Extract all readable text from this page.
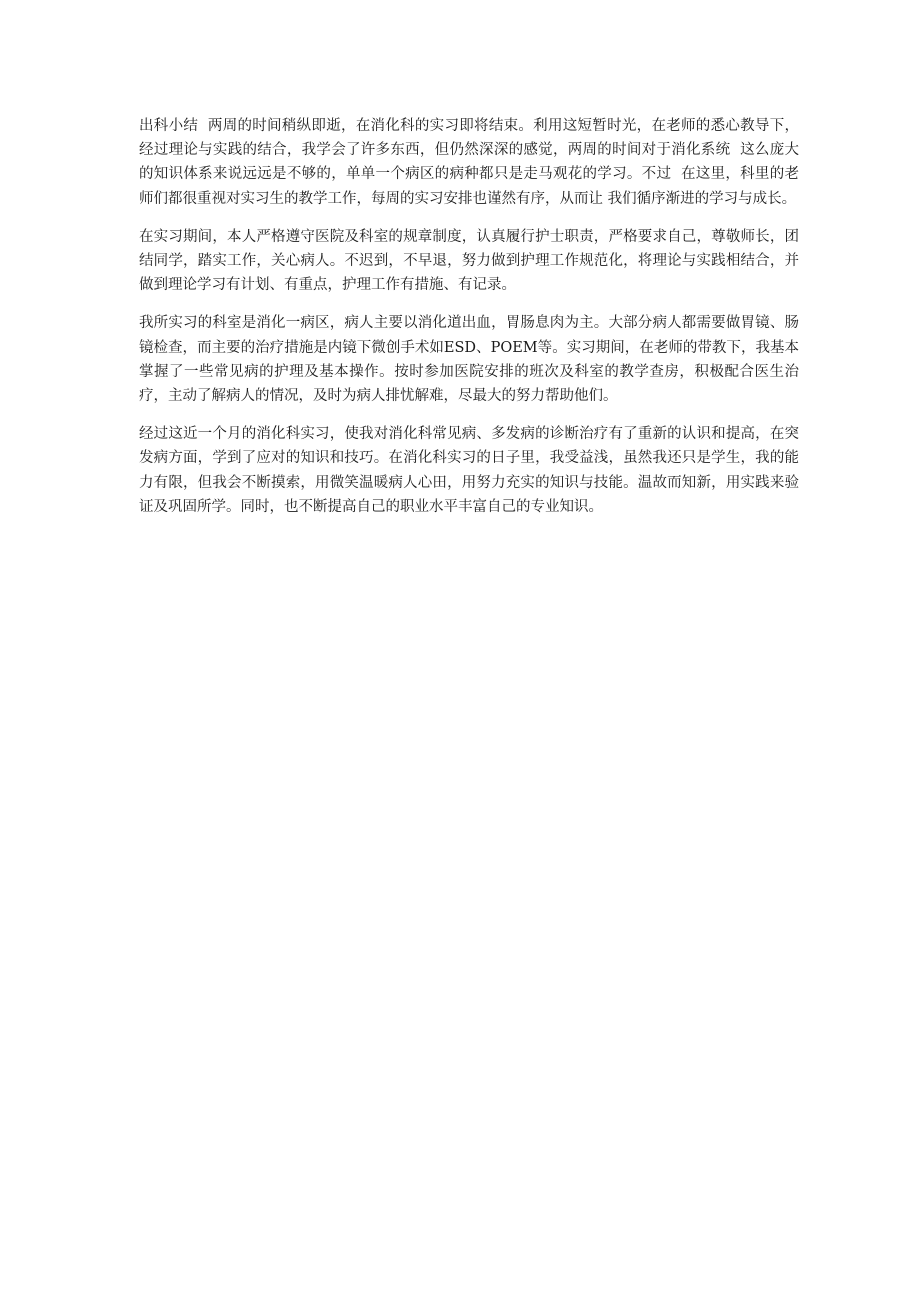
出科小结  两周的时间稍纵即逝，在消化科的实习即将结束。利用这短暂时光，在老师的悉心教导下，   经过理论与实践的结合，我学会了许多东西，但仍然深深的感觉，两周的时间对于消化系统  这么庞大的知识体系来说远远是不够的，单单一个病区的病种都只是走马观花的学习。不过  在这里，科里的老师们都很重视对实习生的教学工作，每周的实习安排也谨然有序，从而让 我们循序渐进的学习与成长。

在实习期间，本人严格遵守医院及科室的规章制度，认真履行护士职责，严格要求自己，尊敬师长，团结同学，踏实工作，关心病人。不迟到，不早退，努力做到护理工作规范化，将理论与实践相结合，并做到理论学习有计划、有重点，护理工作有措施、有记录。

我所实习的科室是消化一病区，病人主要以消化道出血，胃肠息肉为主。大部分病人都需要做胃镜、肠镜检查，而主要的治疗措施是内镜下微创手术如ESD、POEM等。实习期间，在老师的带教下，我基本掌握了一些常见病的护理及基本操作。按时参加医院安排的班次及科室的教学查房，积极配合医生治疗，主动了解病人的情况，及时为病人排忧解难，尽最大的努力帮助他们。

经过这近一个月的消化科实习，使我对消化科常见病、多发病的诊断治疗有了重新的认识和提高，在突发病方面，学到了应对的知识和技巧。在消化科实习的日子里，我受益浅，虽然我还只是学生，我的能力有限，但我会不断摸索，用微笑温暖病人心田，用努力充实的知识与技能。温故而知新，用实践来验证及巩固所学。同时，也不断提高自己的职业水平丰富自己的专业知识。
